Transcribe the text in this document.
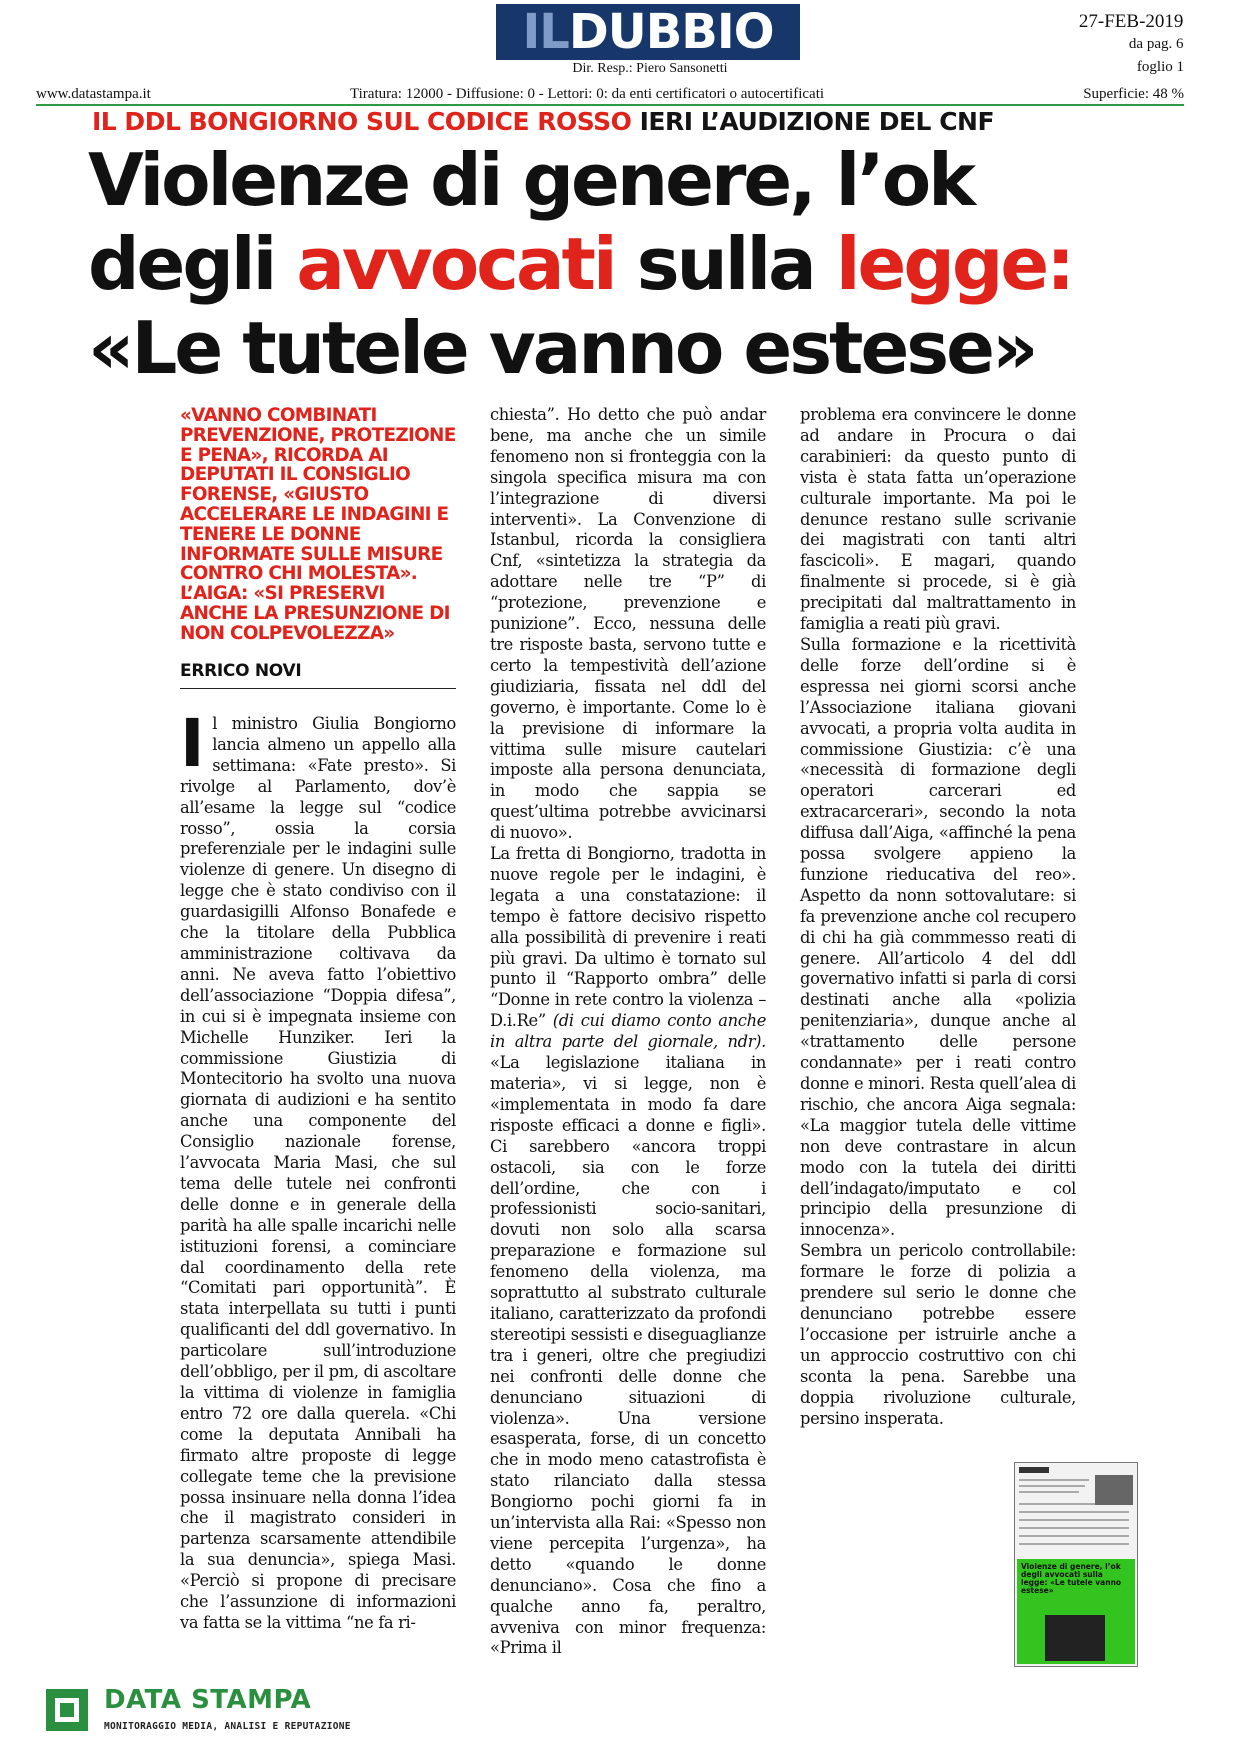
IL DUBBIO
Dir. Resp.: Piero Sansonetti
27-FEB-2019
da pag. 6
foglio 1
www.datastampa.it	Tiratura: 12000 - Diffusione: 0 - Lettori: 0: da enti certificatori o autocertificati	Superficie: 48 %
IL DDL BONGIORNO SUL CODICE ROSSO IERI L’AUDIZIONE DEL CNF
Violenze di genere, l’ok
degli avvocati sulla legge:
«Le tutele vanno estese»
«VANNO COMBINATI PREVENZIONE, PROTEZIONE E PENA», RICORDA AI DEPUTATI IL CONSIGLIO FORENSE, «GIUSTO ACCELERARE LE INDAGINI E TENERE LE DONNE INFORMATE SULLE MISURE CONTRO CHI MOLESTA». L’AIGA: «SI PRESERVI ANCHE LA PRESUNZIONE DI NON COLPEVOLEZZA»
ERRICO NOVI

Il ministro Giulia Bongiorno lancia almeno un appello alla settimana: «Fate presto». Si rivolge al Parlamento, dov’è all’esame la legge sul “codice rosso”, ossia la corsia preferenziale per le indagini sulle violenze di genere. Un disegno di legge che è stato condiviso con il guardasigilli Alfonso Bonafede e che la titolare della Pubblica amministrazione coltivava da anni. Ne aveva fatto l’obiettivo dell’associazione “Doppia difesa”, in cui si è impegnata insieme con Michelle Hunziker. Ieri la commissione Giustizia di Montecitorio ha svolto una nuova giornata di audizioni e ha sentito anche una componente del Consiglio nazionale forense, l’avvocata Maria Masi, che sul tema delle tutele nei confronti delle donne e in generale della parità ha alle spalle incarichi nelle istituzioni forensi, a cominciare dal coordinamento della rete “Comitati pari opportunità”. È stata interpellata su tutti i punti qualificanti del ddl governativo. In particolare sull’introduzione dell’obbligo, per il pm, di ascoltare la vittima di violenze in famiglia entro 72 ore dalla querela. «Chi come la deputata Annibali ha firmato altre proposte di legge collegate teme che la previsione possa insinuare nella donna l’idea che il magistrato consideri in partenza scarsamente attendibile la sua denuncia», spiega Masi. «Perciò si propone di precisare che l’assunzione di informazioni va fatta se la vittima “ne fa ri-

chiesta”. Ho detto che può andar bene, ma anche che un simile fenomeno non si fronteggia con la singola specifica misura ma con l’integrazione di diversi interventi». La Convenzione di Istanbul, ricorda la consigliera Cnf, «sintetizza la strategia da adottare nelle tre “P” di “protezione, prevenzione e punizione”. Ecco, nessuna delle tre risposte basta, servono tutte e certo la tempestività dell’azione giudiziaria, fissata nel ddl del governo, è importante. Come lo è la previsione di informare la vittima sulle misure cautelari imposte alla persona denunciata, in modo che sappia se quest’ultima potrebbe avvicinarsi di nuovo».

La fretta di Bongiorno, tradotta in nuove regole per le indagini, è legata a una constatazione: il tempo è fattore decisivo rispetto alla possibilità di prevenire i reati più gravi. Da ultimo è tornato sul punto il “Rapporto ombra” delle “Donne in rete contro la violenza – D.i.Re” (di cui diamo conto anche in altra parte del giornale, ndr). «La legislazione italiana in materia», vi si legge, non è «implementata in modo fa dare risposte efficaci a donne e figli». Ci sarebbero «ancora troppi ostacoli, sia con le forze dell’ordine, che con i professionisti socio-sanitari, dovuti non solo alla scarsa preparazione e formazione sul fenomeno della violenza, ma soprattutto al substrato culturale italiano, caratterizzato da profondi stereotipi sessisti e diseguaglianze tra i generi, oltre che pregiudizi nei confronti delle donne che denunciano situazioni di violenza». Una versione esasperata, forse, di un concetto che in modo meno catastrofista è stato rilanciato dalla stessa Bongiorno pochi giorni fa in un’intervista alla Rai: «Spesso non viene percepita l’urgenza», ha detto «quando le donne denunciano». Cosa che fino a qualche anno fa, peraltro, avveniva con minor frequenza: «Prima il

problema era convincere le donne ad andare in Procura o dai carabinieri: da questo punto di vista è stata fatta un’operazione culturale importante. Ma poi le denunce restano sulle scrivanie dei magistrati con tanti altri fascicoli». E magari, quando finalmente si procede, si è già precipitati dal maltrattamento in famiglia a reati più gravi.

Sulla formazione e la ricettività delle forze dell’ordine si è espressa nei giorni scorsi anche l’Associazione italiana giovani avvocati, a propria volta audita in commissione Giustizia: c’è una «necessità di formazione degli operatori carcerari ed extracarcerari», secondo la nota diffusa dall’Aiga, «affinché la pena possa svolgere appieno la funzione rieducativa del reo». Aspetto da nonn sottovalutare: si fa prevenzione anche col recupero di chi ha già commmesso reati di genere. All’articolo 4 del ddl governativo infatti si parla di corsi destinati anche alla «polizia penitenziaria», dunque anche al «trattamento delle persone condannate» per i reati contro donne e minori. Resta quell’alea di rischio, che ancora Aiga segnala: «La maggior tutela delle vittime non deve contrastare in alcun modo con la tutela dei diritti dell’indagato/imputato e col principio della presunzione di innocenza».

Sembra un pericolo controllabile: formare le forze di polizia a prendere sul serio le donne che denunciano potrebbe essere l’occasione per istruirle anche a un approccio costruttivo con chi sconta la pena. Sarebbe una doppia rivoluzione culturale, persino insperata.

Violenze di genere, l’ok degli avvocati sulla legge: «Le tutele vanno estese»
DATA STAMPA
MONITORAGGIO MEDIA, ANALISI E REPUTAZIONE
